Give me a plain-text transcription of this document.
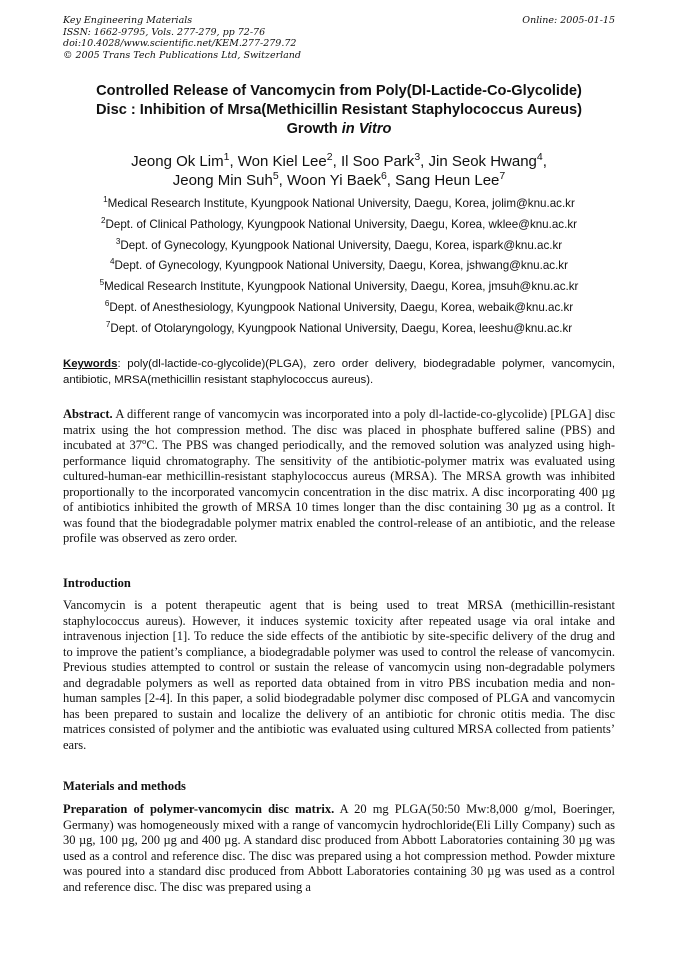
Key Engineering Materials
ISSN: 1662-9795, Vols. 277-279, pp 72-76
doi:10.4028/www.scientific.net/KEM.277-279.72
© 2005 Trans Tech Publications Ltd, Switzerland
Online: 2005-01-15
Controlled Release of Vancomycin from Poly(Dl-Lactide-Co-Glycolide)
Disc : Inhibition of Mrsa(Methicillin Resistant Staphylococcus Aureus)
Growth in Vitro
Jeong Ok Lim$^1$, Won Kiel Lee$^2$, Il Soo Park$^3$, Jin Seok Hwang$^4$,
Jeong Min Suh$^5$, Woon Yi Baek$^6$, Sang Heun Lee$^7$
$^1$Medical Research Institute, Kyungpook National University, Daegu, Korea, jolim@knu.ac.kr
$^2$Dept. of Clinical Pathology, Kyungpook National University, Daegu, Korea, wklee@knu.ac.kr
$^3$Dept. of Gynecology, Kyungpook National University, Daegu, Korea, ispark@knu.ac.kr
$^4$Dept. of Gynecology, Kyungpook National University, Daegu, Korea, jshwang@knu.ac.kr
$^5$Medical Research Institute, Kyungpook National University, Daegu, Korea, jmsuh@knu.ac.kr
$^6$Dept. of Anesthesiology, Kyungpook National University, Daegu, Korea, webaik@knu.ac.kr
$^7$Dept. of Otolaryngology, Kyungpook National University, Daegu, Korea, leeshu@knu.ac.kr
Keywords: poly(dl-lactide-co-glycolide)(PLGA), zero order delivery, biodegradable polymer, vancomycin, antibiotic, MRSA(methicillin resistant staphylococcus aureus).

Abstract. A different range of vancomycin was incorporated into a poly dl-lactide-co-glycolide) [PLGA] disc matrix using the hot compression method. The disc was placed in phosphate buffered saline (PBS) and incubated at 37$^o$C. The PBS was changed periodically, and the removed solution was analyzed using high-performance liquid chromatography. The sensitivity of the antibiotic-polymer matrix was evaluated using cultured-human-ear methicillin-resistant staphylococcus aureus (MRSA). The MRSA growth was inhibited proportionally to the incorporated vancomycin concentration in the disc matrix. A disc incorporating 400 µg of antibiotics inhibited the growth of MRSA 10 times longer than the disc containing 30 µg as a control. It was found that the biodegradable polymer matrix enabled the control-release of an antibiotic, and the release profile was observed as zero order.

Introduction

Vancomycin is a potent therapeutic agent that is being used to treat MRSA (methicillin-resistant staphylococcus aureus). However, it induces systemic toxicity after repeated usage via oral intake and intravenous injection [1]. To reduce the side effects of the antibiotic by site-specific delivery of the drug and to improve the patient’s compliance, a biodegradable polymer was used to control the release of vancomycin. Previous studies attempted to control or sustain the release of vancomycin using non-degradable polymers and degradable polymers as well as reported data obtained from in vitro PBS incubation media and non-human samples [2-4]. In this paper, a solid biodegradable polymer disc composed of PLGA and vancomycin has been prepared to sustain and localize the delivery of an antibiotic for chronic otitis media. The disc matrices consisted of polymer and the antibiotic was evaluated using cultured MRSA collected from patients’ ears.

Materials and methods

Preparation of polymer-vancomycin disc matrix. A 20 mg PLGA(50:50 Mw:8,000 g/mol, Boeringer, Germany) was homogeneously mixed with a range of vancomycin hydrochloride(Eli Lilly Company) such as 30 µg, 100 µg, 200 µg and 400 µg. A standard disc produced from Abbott Laboratories containing 30 µg was used as a control and reference disc. The disc was prepared using a hot compression method. Powder mixture was poured into a standard disc produced from Abbott Laboratories containing 30 µg was used as a control and reference disc. The disc was prepared using a
